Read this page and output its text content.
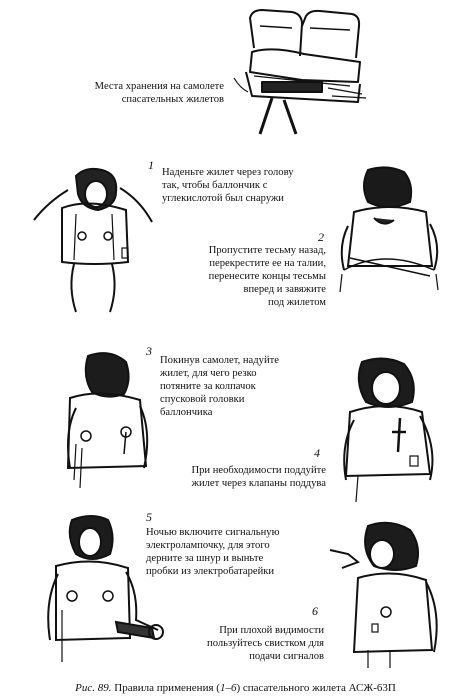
Места хранения на самолете
спасательных жилетов
1
Наденьте жилет через голову
так, чтобы баллончик с
углекислотой был снаружи
2
Пропустите тесьму назад,
перекрестите ее на талии,
перенесите концы тесьмы
вперед и завяжите
под жилетом
3
Покинув самолет, надуйте
жилет, для чего резко
потяните за колпачок
спусковой головки
баллончика
4
При необходимости поддуйте
жилет через клапаны поддува
5
Ночью включите сигнальную
электролампочку, для этого
дерните за шнур и выньте
пробки из электробатарейки
6
При плохой видимости
пользуйтесь свистком для
подачи сигналов
Рис. 89. Правила применения (1–6) спасательного жилета АСЖ-63П
